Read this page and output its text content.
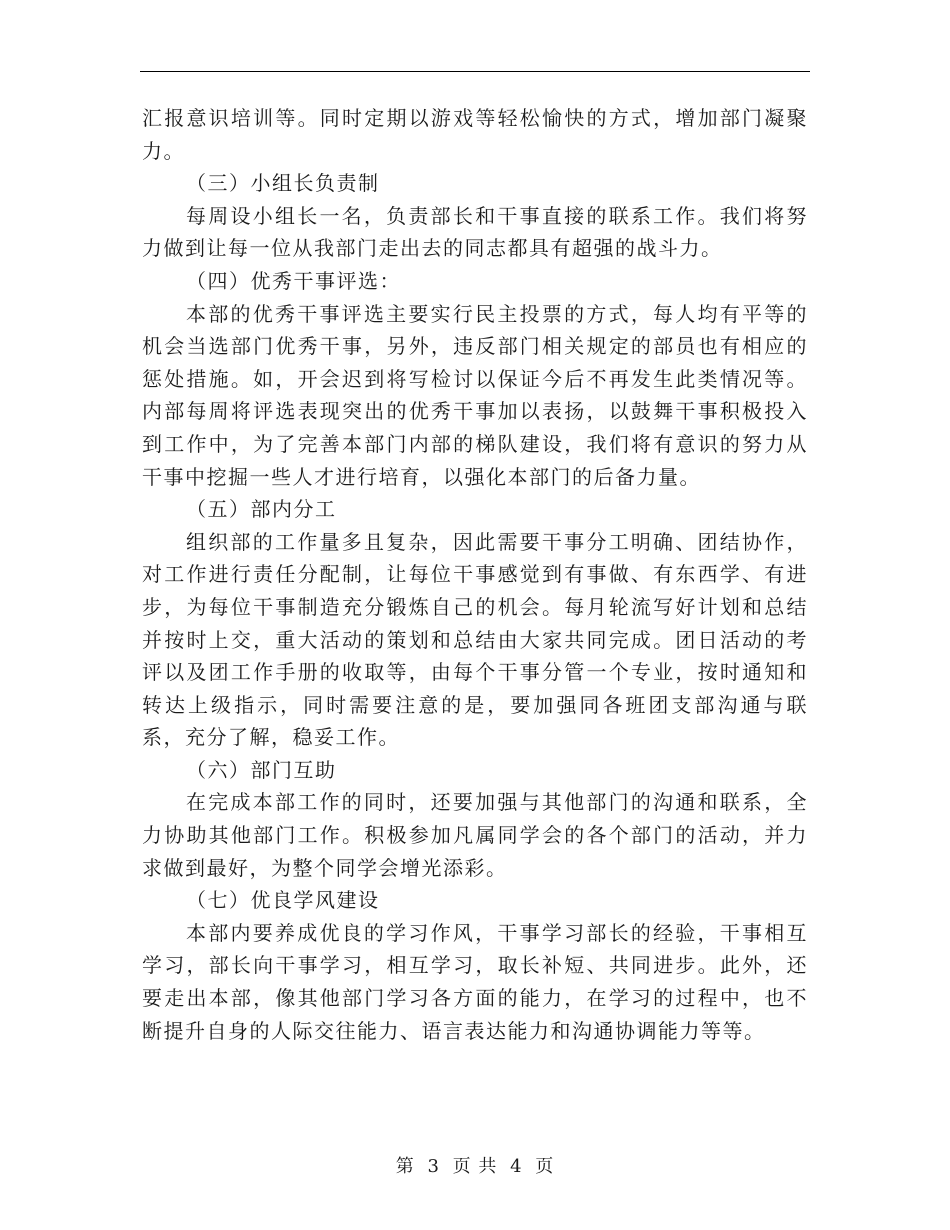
汇报意识培训等。同时定期以游戏等轻松愉快的方式，增加部门凝聚力。

（三）小组长负责制

每周设小组长一名，负责部长和干事直接的联系工作。我们将努力做到让每一位从我部门走出去的同志都具有超强的战斗力。

（四）优秀干事评选：

本部的优秀干事评选主要实行民主投票的方式，每人均有平等的机会当选部门优秀干事，另外，违反部门相关规定的部员也有相应的惩处措施。如，开会迟到将写检讨以保证今后不再发生此类情况等。内部每周将评选表现突出的优秀干事加以表扬，以鼓舞干事积极投入到工作中，为了完善本部门内部的梯队建设，我们将有意识的努力从干事中挖掘一些人才进行培育，以强化本部门的后备力量。

（五）部内分工

组织部的工作量多且复杂，因此需要干事分工明确、团结协作，对工作进行责任分配制，让每位干事感觉到有事做、有东西学、有进步，为每位干事制造充分锻炼自己的机会。每月轮流写好计划和总结并按时上交，重大活动的策划和总结由大家共同完成。团日活动的考评以及团工作手册的收取等，由每个干事分管一个专业，按时通知和转达上级指示，同时需要注意的是，要加强同各班团支部沟通与联系，充分了解，稳妥工作。

（六）部门互助

在完成本部工作的同时，还要加强与其他部门的沟通和联系，全力协助其他部门工作。积极参加凡属同学会的各个部门的活动，并力求做到最好，为整个同学会增光添彩。

（七）优良学风建设

本部内要养成优良的学习作风，干事学习部长的经验，干事相互学习，部长向干事学习，相互学习，取长补短、共同进步。此外，还要走出本部，像其他部门学习各方面的能力，在学习的过程中，也不断提升自身的人际交往能力、语言表达能力和沟通协调能力等等。

第 3 页 共 4 页
